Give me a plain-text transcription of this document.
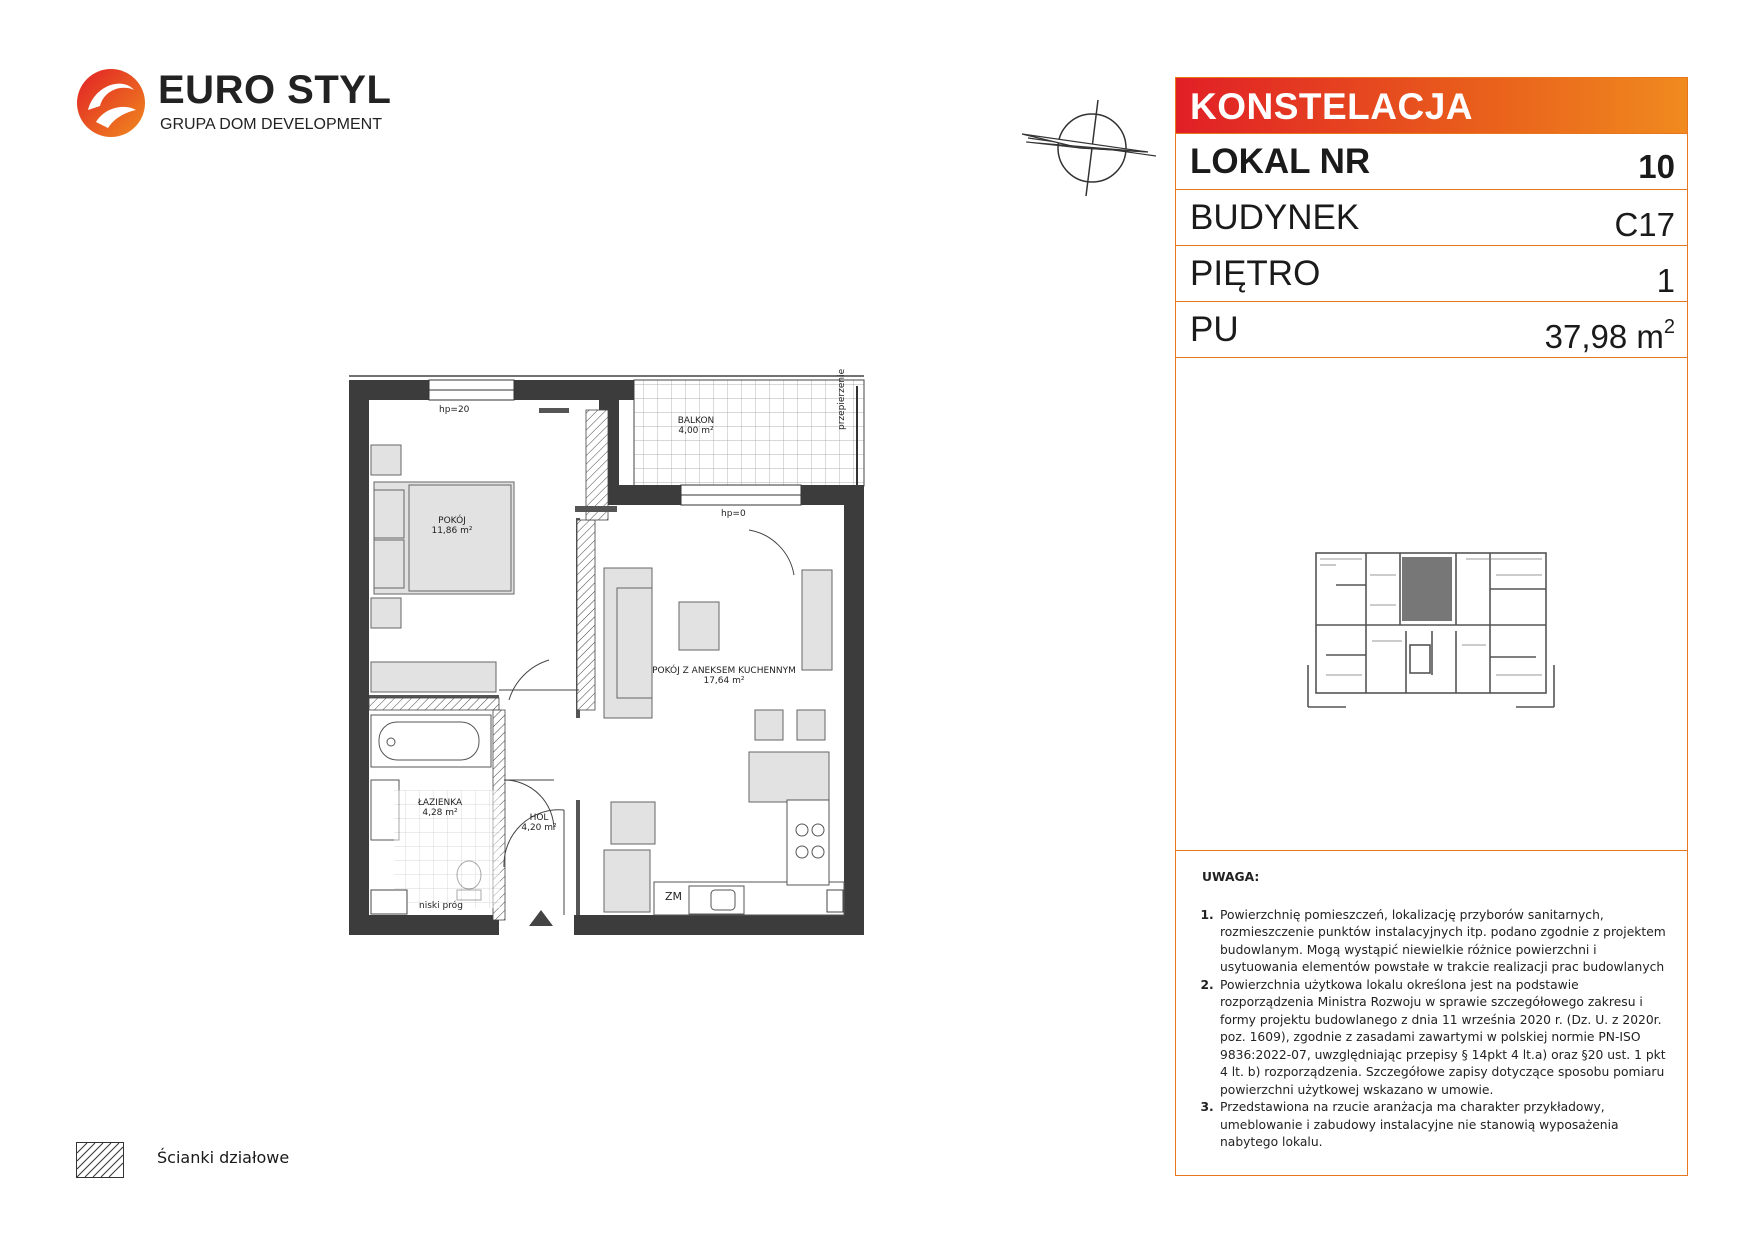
EURO STYL
GRUPA DOM DEVELOPMENT	KONSTELACJA
LOKAL NR	10
BUDYNEK	C17
PIĘTRO	1
PU	37,98 $m^2$
UWAGA:
1. Powierzchnię pomieszczeń, lokalizację przyborów sanitarnych, rozmieszczenie punktów instalacyjnych itp. podano zgodnie z projektem budowlanym. Mogą wystąpić niewielkie różnice powierzchni i usytuowania elementów powstałe w trakcie realizacji prac budowlanych
2. Powierzchnia użytkowa lokalu określona jest na podstawie rozporządzenia Ministra Rozwoju w sprawie szczegółowego zakresu i formy projektu budowlanego z dnia 11 września 2020 r. (Dz. U. z 2020r. poz. 1609), zgodnie z zasadami zawartymi w polskiej normie PN-ISO 9836:2022-07, uwzględniając przepisy § 14pkt 4 lt.a) oraz §20 ust. 1 pkt 4 lt. b) rozporządzenia. Szczegółowe zapisy dotyczące sposobu pomiaru powierzchni użytkowej wskazano w umowie.
3. Przedstawiona na rzucie aranżacja ma charakter przykładowy, umeblowanie i zabudowy instalacyjne nie stanowią wyposażenia nabytego lokalu.
BALKON
4,00 m²
przepierzenie
hp=20
hp=0
POKÓJ
11,86 m²
POKÓJ Z ANEKSEM KUCHENNYM
17,64 m²
ŁAZIENKA
4,28 m²	HOL
4,20 m²
ZM
niski próg
Ścianki działowe
